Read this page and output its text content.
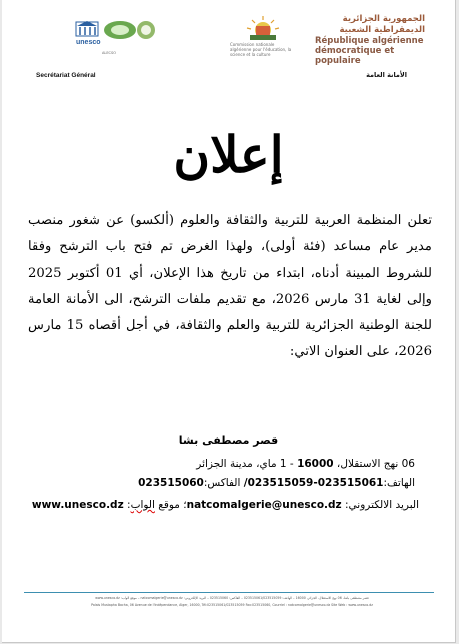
الجمهورية الجزائرية
الديمقراطية الشعبية
République algérienne
démocratique et populaire
Commission nationale algérienne pour l'éducation, la science et la culture
unesco
ALECSO
Secrétariat Général	الأمانة العامة
إعلان
تعلن المنظمة العربية للتربية والثقافة والعلوم (ألكسو) عن شغور منصب مدير عام مساعد (فئة أولى)، ولهذا الغرض تم فتح باب الترشح وفقا للشروط المبينة أدناه، ابتداء من تاريخ هذا الإعلان، أي 01 أكتوبر 2025 وإلى لغاية 31 مارس 2026، مع تقديم ملفات الترشح، الى الأمانة العامة للجنة الوطنية الجزائرية للتربية والعلم والثقافة، في أجل أقصاه 15 مارس 2026، على العنوان الاتي:
قصر مصطفى بشا
06 نهج الاستقلال، 16000 - 1 ماي، مدينة الجزائر
الهاتف:023515061-023515059/ الفاكس:023515060
البريد الالكتروني: natcomalgerie@unesco.dz؛ موقع الواب: www.unesco.dz
قصر مصطفى باشا، 06 نهج الاستقلال، الجزائر، 16000 – الهاتف: 023515061/023515059 – الفاكس: 023515060 – البريد الإلكتروني: natcomalgerie@unesco.dz – موقع الواب: www.unesco.dz
Palais Mustapha Bacha, 06 Avenue de l'Indépendance, Alger, 16000, Tél:023515061/023515059 Fax:023515060, Courriel : natcomalgerie@unesco.dz Site Web : www.unesco.dz
